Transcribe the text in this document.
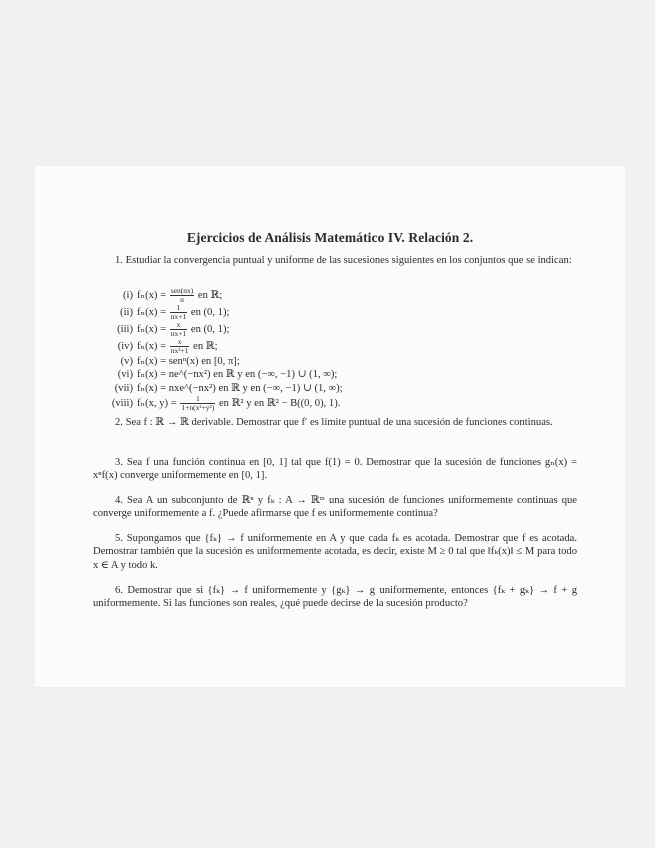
Ejercicios de Análisis Matemático IV. Relación 2.
1. Estudiar la convergencia puntual y uniforme de las sucesiones siguientes en los conjuntos que se indican:
(i) $f_n(x) = \frac{\text{sen(nx)}}{n}$ en ℝ;
(ii) $f_n(x) = \frac{1}{nx+1}$ en (0, 1);
(iii) $f_n(x) = \frac{x}{nx+1}$ en (0, 1);
(iv) $f_n(x) = \frac{x}{\text{nx²+1}}$ en ℝ;
(v) fₙ(x) = senⁿ(x) en [0, π];
(vi) fₙ(x) = ne^(−nx²) en ℝ y en (−∞, −1) ∪ (1, ∞);
(vii) fₙ(x) = nxe^(−nx²) en ℝ y en (−∞, −1) ∪ (1, ∞);
(viii) fₙ(x, $y) = \frac{1}{\text{1+n(x²+y²)}}$ en ℝ² y en ℝ² − B((0, 0), 1).
2. Sea f : ℝ → ℝ derivable. Demostrar que f′ es límite puntual de una sucesión de funciones continuas.
3. Sea f una función continua en [0, 1] tal que f(1) = 0. Demostrar que la sucesión de funciones gₙ(x) = xⁿf(x) converge uniformemente en [0, 1].
4. Sea A un subconjunto de ℝⁿ y fₖ : A → ℝᵐ una sucesión de funciones uniformemente continuas que converge uniformemente a f. ¿Puede afirmarse que f es uniformemente continua?
5. Supongamos que {fₖ} → f uniformemente en A y que cada fₖ es acotada. Demostrar que f es acotada. Demostrar también que la sucesión es uniformemente acotada, es decir, existe M ≥ 0 tal que ‖fₖ(x)‖ ≤ M para todo x ∈ A y todo k.
6. Demostrar que si {fₖ} → f uniformemente y {gₖ} → g uniformemente, entonces {fₖ + gₖ} → f + g uniformemente. Si las funciones son reales, ¿qué puede decirse de la sucesión producto?
